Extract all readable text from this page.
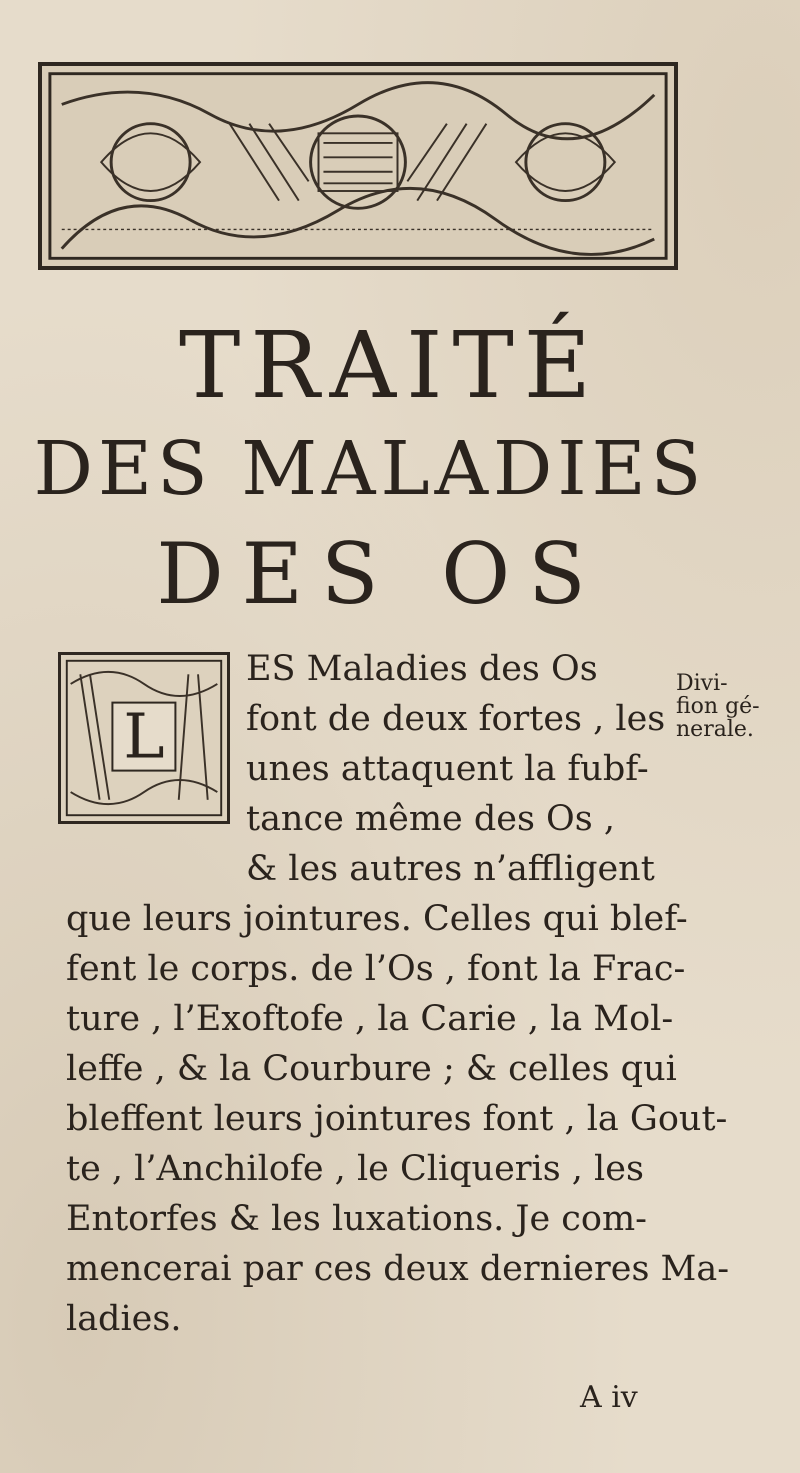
TRAITÉ
DES MALADIES
DES OS
L
ES Maladies des Os
font de deux fortes , les
unes attaquent la fubf-
tance même des Os ,
& les autres n’affligent
que leurs jointures. Celles qui blef-
fent le corps. de l’Os , font la Frac-
ture , l’Exoftofe , la Carie , la Mol-
leffe , & la Courbure ; & celles qui
bleffent leurs jointures font , la Gout-
te , l’Anchilofe , le Cliqueris , les
Entorfes & les luxations. Je com-
mencerai par ces deux dernieres Ma-
ladies.
Divi-
fion gé-
nerale.
A iv
